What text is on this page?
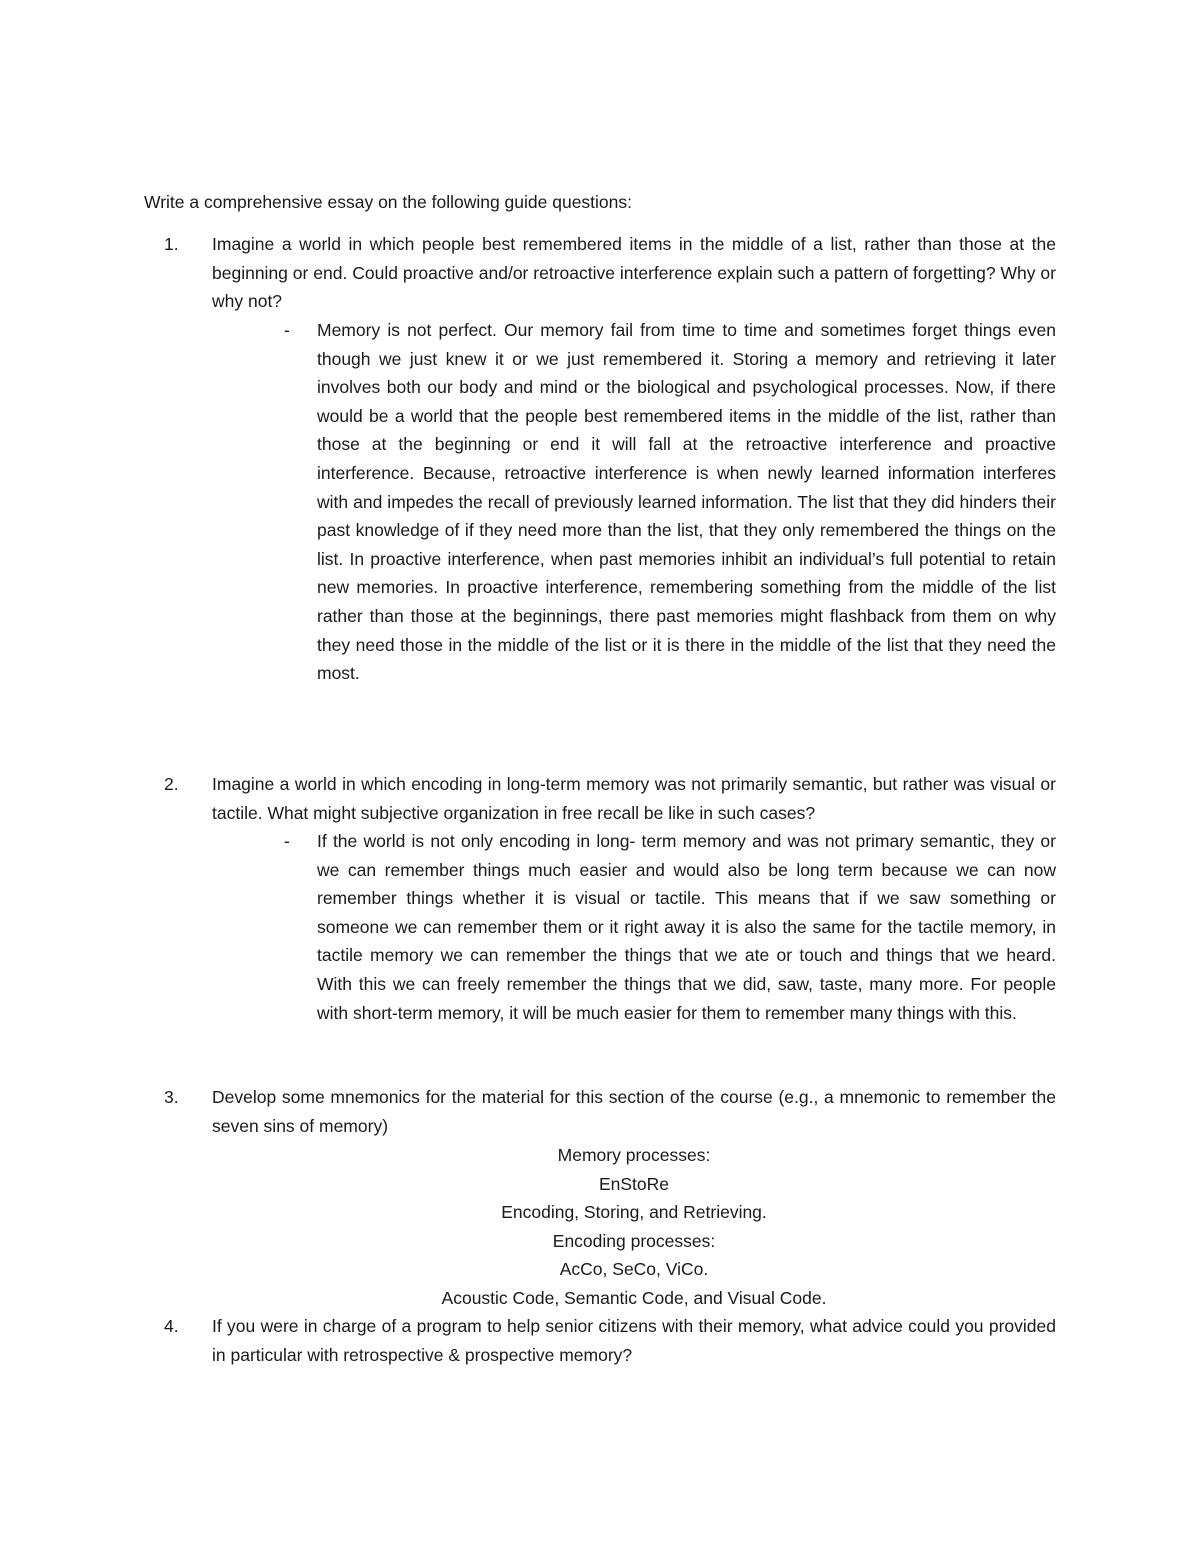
Write a comprehensive essay on the following guide questions:

1.	Imagine a world in which people best remembered items in the middle of a list, rather than those at the beginning or end. Could proactive and/or retroactive interference explain such a pattern of forgetting? Why or why not?

- Memory is not perfect. Our memory fail from time to time and sometimes forget things even though we just knew it or we just remembered it. Storing a memory and retrieving it later involves both our body and mind or the biological and psychological processes. Now, if there would be a world that the people best remembered items in the middle of the list, rather than those at the beginning or end it will fall at the retroactive interference and proactive interference. Because, retroactive interference is when newly learned information interferes with and impedes the recall of previously learned information. The list that they did hinders their past knowledge of if they need more than the list, that they only remembered the things on the list. In proactive interference, when past memories inhibit an individual’s full potential to retain new memories. In proactive interference, remembering something from the middle of the list rather than those at the beginnings, there past memories might flashback from them on why they need those in the middle of the list or it is there in the middle of the list that they need the most.

2.	Imagine a world in which encoding in long-term memory was not primarily semantic, but rather was visual or tactile. What might subjective organization in free recall be like in such cases?

- If the world is not only encoding in long- term memory and was not primary semantic, they or we can remember things much easier and would also be long term because we can now remember things whether it is visual or tactile. This means that if we saw something or someone we can remember them or it right away it is also the same for the tactile memory, in tactile memory we can remember the things that we ate or touch and things that we heard. With this we can freely remember the things that we did, saw, taste, many more. For people with short-term memory, it will be much easier for them to remember many things with this.

3.	Develop some mnemonics for the material for this section of the course (e.g., a mnemonic to remember the seven sins of memory)

Memory processes:
EnStoRe
Encoding, Storing, and Retrieving.
Encoding processes:
AcCo, SeCo, ViCo.
Acoustic Code, Semantic Code, and Visual Code.
4.	If you were in charge of a program to help senior citizens with their memory, what advice could you provided in particular with retrospective & prospective memory?
